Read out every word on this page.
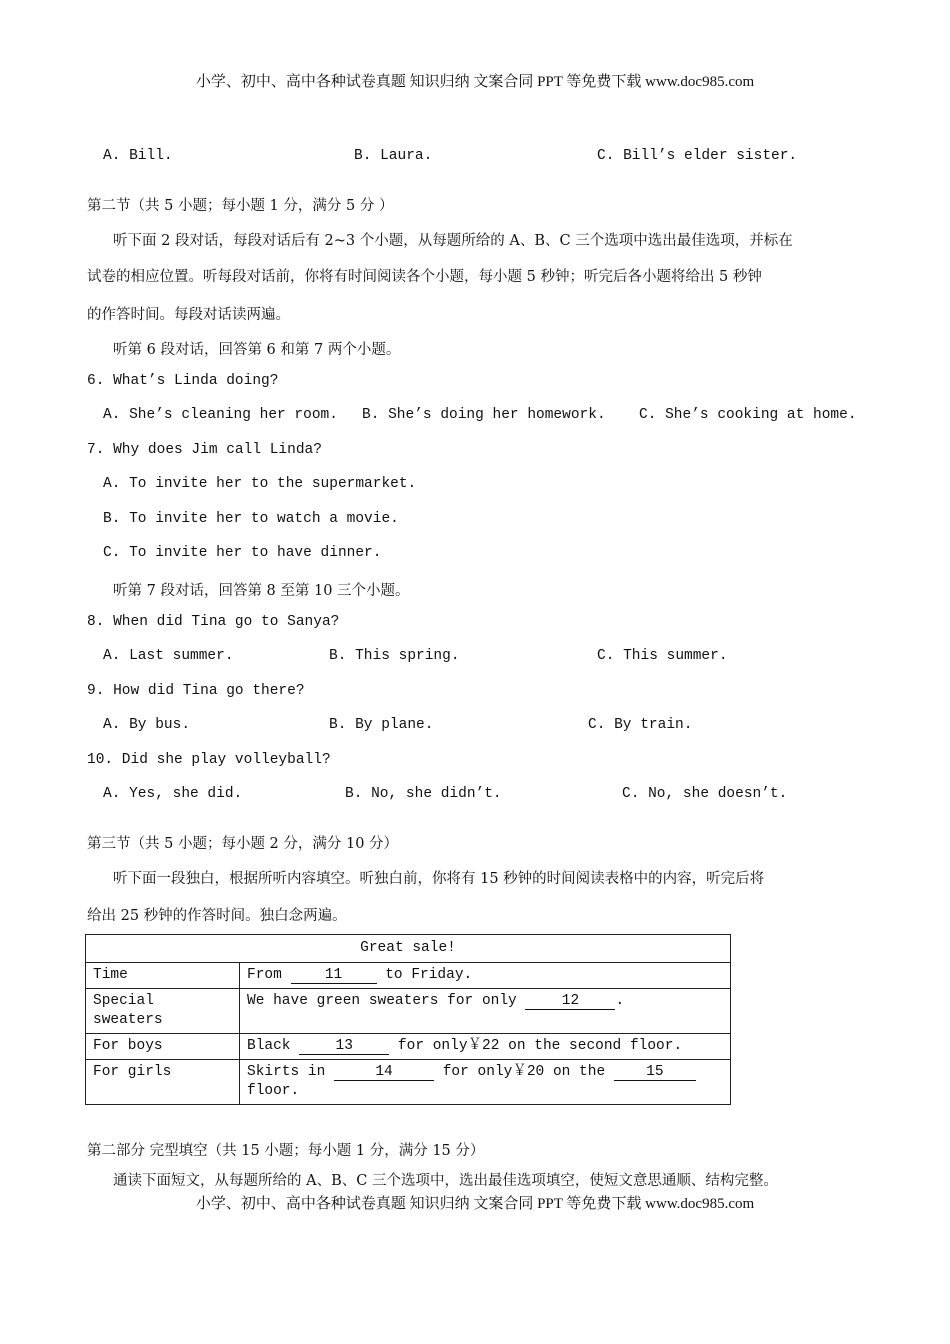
小学、初中、高中各种试卷真题 知识归纳 文案合同 PPT 等免费下载 www.doc985.com
A. Bill.	B. Laura.	C. Bill’s elder sister.
第二节（共 5 小题；每小题 1 分，满分 5 分 ）
听下面 2 段对话，每段对话后有 2~3 个小题，从每题所给的 A、B、C 三个选项中选出最佳选项，并标在
试卷的相应位置。听每段对话前，你将有时间阅读各个小题，每小题 5 秒钟；听完后各小题将给出 5 秒钟
的作答时间。每段对话读两遍。
听第 6 段对话，回答第 6 和第 7 两个小题。
6. What’s Linda doing?
A. She’s cleaning her room. B. She’s doing her homework. C. She’s cooking at home.
7. Why does Jim call Linda?
A. To invite her to the supermarket.
B. To invite her to watch a movie.
C. To invite her to have dinner.
听第 7 段对话，回答第 8 至第 10 三个小题。
8. When did Tina go to Sanya?
A. Last summer.	B. This spring.	C. This summer.
9. How did Tina go there?
A. By bus.	B. By plane.	C. By train.
10. Did she play volleyball?
A. Yes, she did.	B. No, she didn’t.	C. No, she doesn’t.
第三节（共 5 小题；每小题 2 分，满分 10 分）
听下面一段独白，根据所听内容填空。听独白前，你将有 15 秒钟的时间阅读表格中的内容，听完后将
给出 25 秒钟的作答时间。独白念两遍。
Great sale!	
Time	From 11 to Friday.
Special sweaters	We have green sweaters for only 12 .
For boys	Black 13 for only￥22 on the second floor.
For girls	Skirts in 14 for only￥20 on the 15
floor.
第二部分 完型填空（共 15 小题；每小题 1 分，满分 15 分）
通读下面短文，从每题所给的 A、B、C 三个选项中，选出最佳选项填空，使短文意思通顺、结构完整。
小学、初中、高中各种试卷真题 知识归纳 文案合同 PPT 等免费下载 www.doc985.com
